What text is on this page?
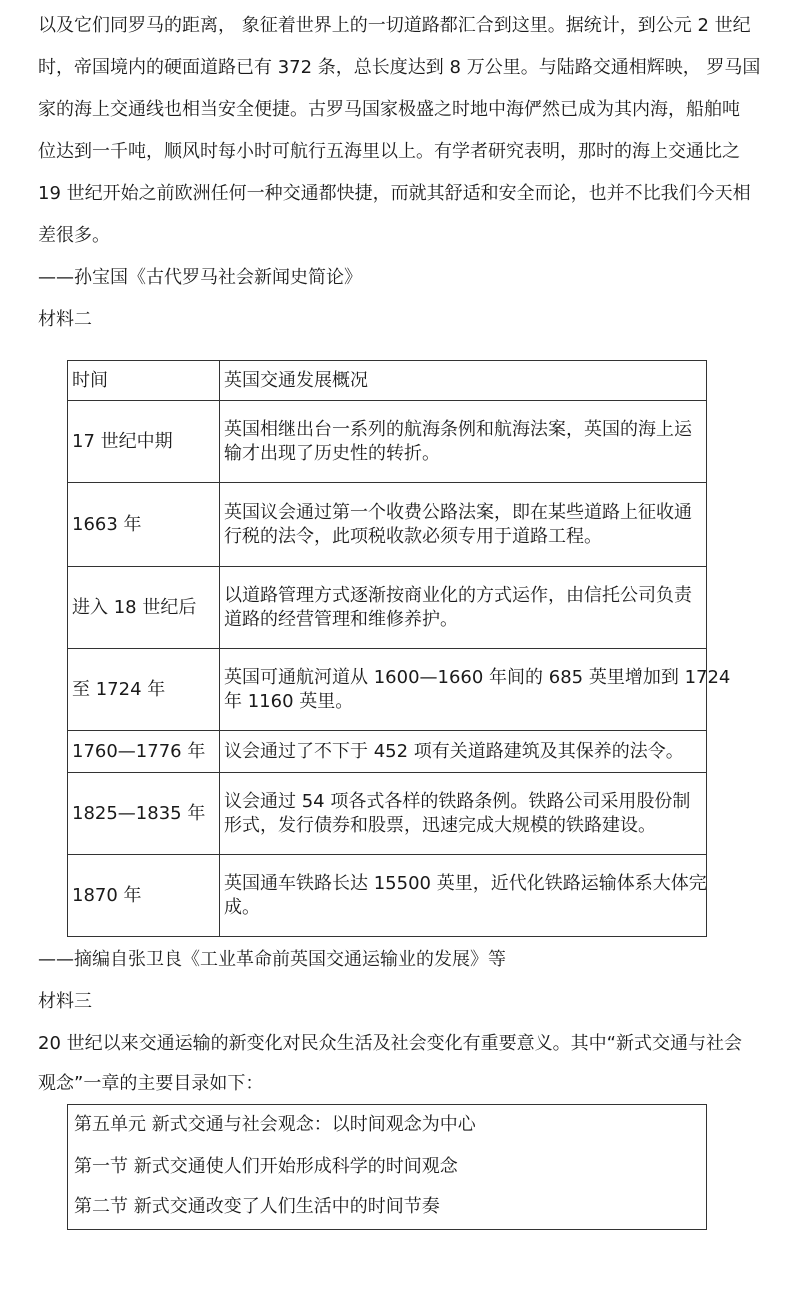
以及它们同罗马的距离， 象征着世界上的一切道路都汇合到这里。据统计，到公元 2 世纪
时，帝国境内的硬面道路已有 372 条，总长度达到 8 万公里。与陆路交通相辉映， 罗马国
家的海上交通线也相当安全便捷。古罗马国家极盛之时地中海俨然已成为其内海，船舶吨
位达到一千吨，顺风时每小时可航行五海里以上。有学者研究表明，那时的海上交通比之
19 世纪开始之前欧洲任何一种交通都快捷，而就其舒适和安全而论，也并不比我们今天相
差很多。
——孙宝国《古代罗马社会新闻史简论》
材料二
时间	英国交通发展概况
17 世纪中期	英国相继出台一系列的航海条例和航海法案，英国的海上运
输才出现了历史性的转折。

1663 年	英国议会通过第一个收费公路法案，即在某些道路上征收通
行税的法令，此项税收款必须专用于道路工程。

进入 18 世纪后	以道路管理方式逐渐按商业化的方式运作，由信托公司负责
道路的经营管理和维修养护。

至 1724 年	英国可通航河道从 1600—1660 年间的 685 英里增加到 1724
年 1160 英里。

1760—1776 年	议会通过了不下于 452 项有关道路建筑及其保养的法令。

1825—1835 年	议会通过 54 项各式各样的铁路条例。铁路公司采用股份制
形式，发行债券和股票，迅速完成大规模的铁路建设。

1870 年	英国通车铁路长达 15500 英里，近代化铁路运输体系大体完
成。
——摘编自张卫良《工业革命前英国交通运输业的发展》等
材料三
20 世纪以来交通运输的新变化对民众生活及社会变化有重要意义。其中“新式交通与社会
观念”一章的主要目录如下：
第五单元 新式交通与社会观念：以时间观念为中心
第一节 新式交通使人们开始形成科学的时间观念
第二节 新式交通改变了人们生活中的时间节奏
